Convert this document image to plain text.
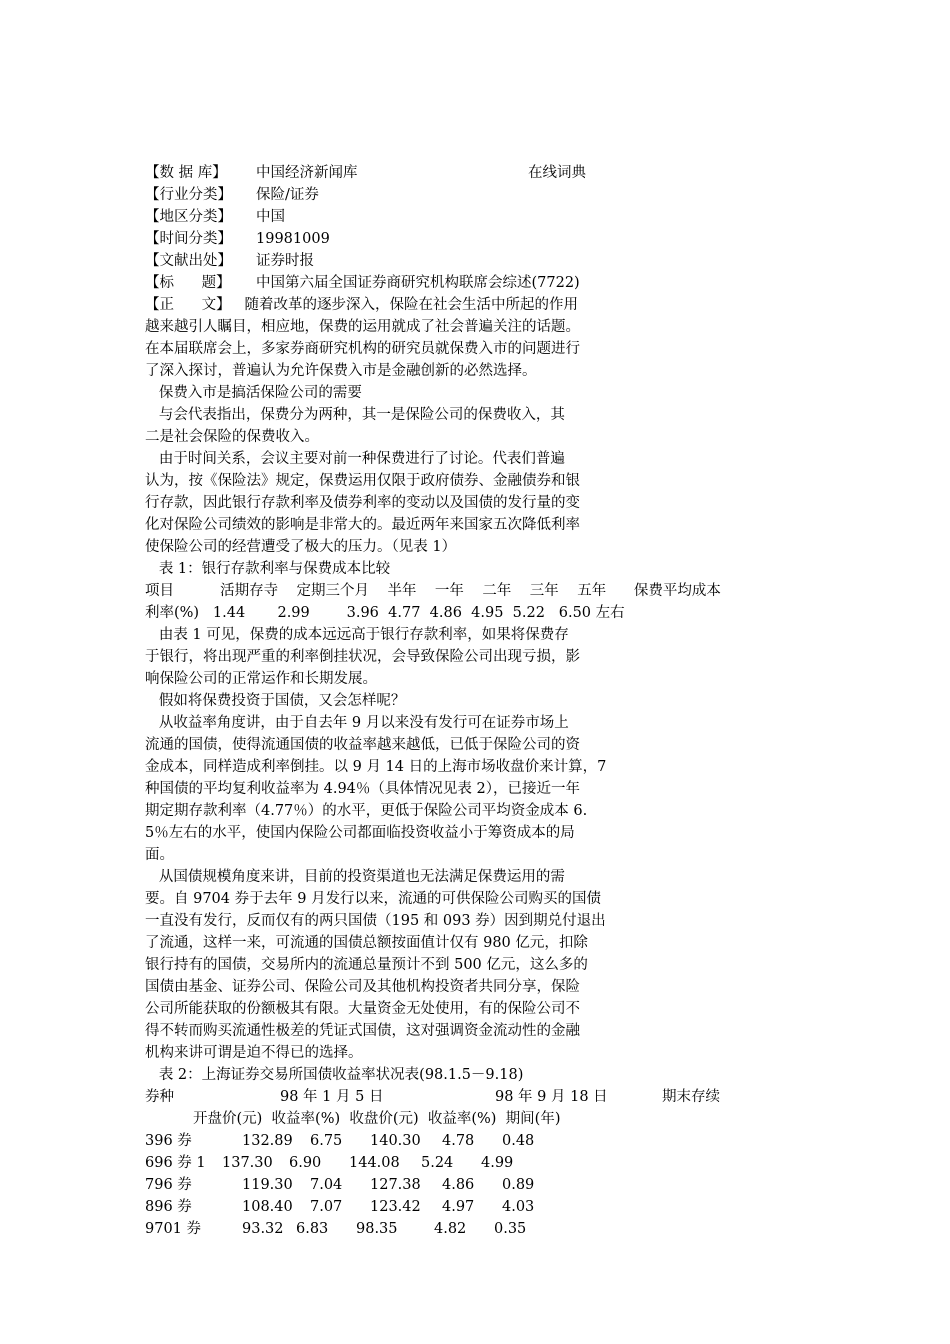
【数 据 库】 中国经济新闻库	在线词典
【行业分类】 保险/证券
【地区分类】 中国
【时间分类】 19981009
【文献出处】 证券时报
【标      题】 中国第六届全国证券商研究机构联席会综述(7722)
【正      文】   随着改革的逐步深入，保险在社会生活中所起的作用
越来越引人瞩目，相应地，保费的运用就成了社会普遍关注的话题。
在本届联席会上，多家券商研究机构的研究员就保费入市的问题进行
了深入探讨，普遍认为允许保费入市是金融创新的必然选择。
保费入市是搞活保险公司的需要
与会代表指出，保费分为两种，其一是保险公司的保费收入，其
二是社会保险的保费收入。
由于时间关系，会议主要对前一种保费进行了讨论。代表们普遍
认为，按《保险法》规定，保费运用仅限于政府债券、金融债券和银
行存款，因此银行存款利率及债券利率的变动以及国债的发行量的变
化对保险公司绩效的影响是非常大的。最近两年来国家五次降低利率
使保险公司的经营遭受了极大的压力。（见表 1）
表 1：银行存款利率与保费成本比较
项目          活期存寺    定期三个月    半年    一年    二年    三年    五年      保费平均成本
利率(%)   1.44       2.99        3.96  4.77  4.86  4.95  5.22   6.50 左右
由表 1 可见，保费的成本远远高于银行存款利率，如果将保费存
于银行，将出现严重的利率倒挂状况，会导致保险公司出现亏损，影
响保险公司的正常运作和长期发展。
假如将保费投资于国债，又会怎样呢？
从收益率角度讲，由于自去年 9 月以来没有发行可在证券市场上
流通的国债，使得流通国债的收益率越来越低，已低于保险公司的资
金成本，同样造成利率倒挂。以 9 月 14 日的上海市场收盘价来计算，7
种国债的平均复利收益率为 4.94％（具体情况见表 2），已接近一年
期定期存款利率（4.77％）的水平，更低于保险公司平均资金成本 6.
5％左右的水平，使国内保险公司都面临投资收益小于筹资成本的局
面。
从国债规模角度来讲，目前的投资渠道也无法满足保费运用的需
要。自 9704 券于去年 9 月发行以来，流通的可供保险公司购买的国债
一直没有发行，反而仅有的两只国债（195 和 093 券）因到期兑付退出
了流通，这样一来，可流通的国债总额按面值计仅有 980 亿元，扣除
银行持有的国债，交易所内的流通总量预计不到 500 亿元，这么多的
国债由基金、证券公司、保险公司及其他机构投资者共同分享，保险
公司所能获取的份额极其有限。大量资金无处使用，有的保险公司不
得不转而购买流通性极差的凭证式国债，这对强调资金流动性的金融
机构来讲可谓是迫不得已的选择。
表 2：上海证券交易所国债收益率状况表(98.1.5－9.18)
券种	98 年 1 月 5 日	98 年 9 月 18 日	期末存续
开盘价(元)  收益率(%)  收盘价(元)  收益率(%)  期间(年)
396 券	132.89 6.75 140.30 4.78 0.48
696 券 1 137.30 6.90 144.08 5.24 4.99
796 券	119.30 7.04 127.38 4.86 0.89
896 券	108.40 7.07 123.42 4.97 4.03
9701 券	93.32 6.83 98.35	4.82 0.35
